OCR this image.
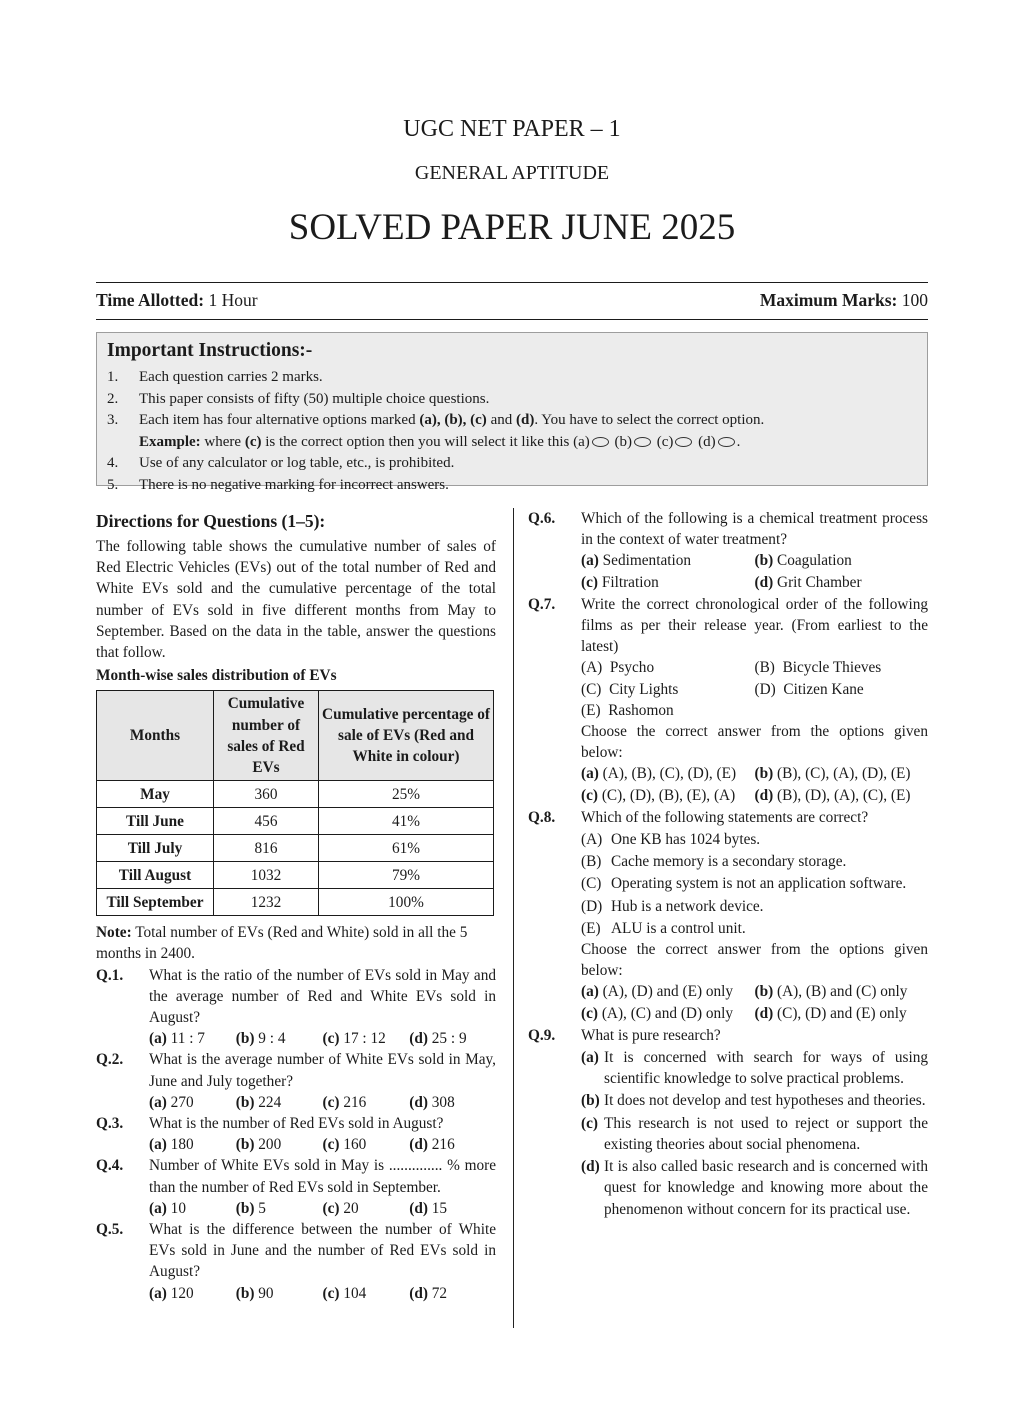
UGC NET PAPER – 1
GENERAL APTITUDE
SOLVED PAPER JUNE 2025
Time Allotted: 1 Hour	Maximum Marks: 100
Important Instructions:-
1.	Each question carries 2 marks.
2.	This paper consists of fifty (50) multiple choice questions.
3.	Each item has four alternative options marked (a), (b), (c) and (d). You have to select the correct option.
Example: where (c) is the correct option then you will select it like this (a) (b) (c) (d) .
4.	Use of any calculator or log table, etc., is prohibited.
5.	There is no negative marking for incorrect answers.
Directions for Questions (1–5):
The following table shows the cumulative number of sales of Red Electric Vehicles (EVs) out of the total number of Red and White EVs sold and the cumulative percentage of the total number of EVs sold in five different months from May to September. Based on the data in the table, answer the questions that follow.
Month-wise sales distribution of EVs
Months	Cumulative number of sales of Red EVs	Cumulative percentage of sale of EVs (Red and White in colour)
May	360	25%
Till June	456	41%
Till July	816	61%
Till August	1032	79%
Till September	1232	100%
Note: Total number of EVs (Red and White) sold in all the 5 months in 2400.
Q.1.	What is the ratio of the number of EVs sold in May and the average number of Red and White EVs sold in August?
(a) 11 : 7	(b) 9 : 4	(c) 17 : 12	(d) 25 : 9
Q.2.	What is the average number of White EVs sold in May, June and July together?
(a) 270	(b) 224	(c) 216	(d) 308
Q.3.	What is the number of Red EVs sold in August?
(a) 180	(b) 200	(c) 160	(d) 216
Q.4.	Number of White EVs sold in May is .............. % more than the number of Red EVs sold in September.
(a) 10	(b) 5	(c) 20	(d) 15
Q.5.	What is the difference between the number of White EVs sold in June and the number of Red EVs sold in August?
(a) 120	(b) 90	(c) 104	(d) 72
Q.6.	Which of the following is a chemical treatment process in the context of water treatment?
(a) Sedimentation	(b) Coagulation
(c) Filtration	(d) Grit Chamber
Q.7.	Write the correct chronological order of the following films as per their release year. (From earliest to the latest)
(A) Psycho	(B) Bicycle Thieves
(C) City Lights	(D) Citizen Kane
(E) Rashomon
Choose the correct answer from the options given below:
(a) (A), (B), (C), (D), (E)	(b) (B), (C), (A), (D), (E)
(c) (C), (D), (B), (E), (A)	(d) (B), (D), (A), (C), (E)
Q.8.	Which of the following statements are correct?
(A) One KB has 1024 bytes.
(B) Cache memory is a secondary storage.
(C) Operating system is not an application software.
(D) Hub is a network device.
(E) ALU is a control unit.
Choose the correct answer from the options given below:
(a) (A), (D) and (E) only	(b) (A), (B) and (C) only
(c) (A), (C) and (D) only	(d) (C), (D) and (E) only
Q.9.	What is pure research?
(a) It is concerned with search for ways of using scientific knowledge to solve practical problems.
(b) It does not develop and test hypotheses and theories.
(c) This research is not used to reject or support the existing theories about social phenomena.
(d) It is also called basic research and is concerned with quest for knowledge and knowing more about the phenomenon without concern for its practical use.
